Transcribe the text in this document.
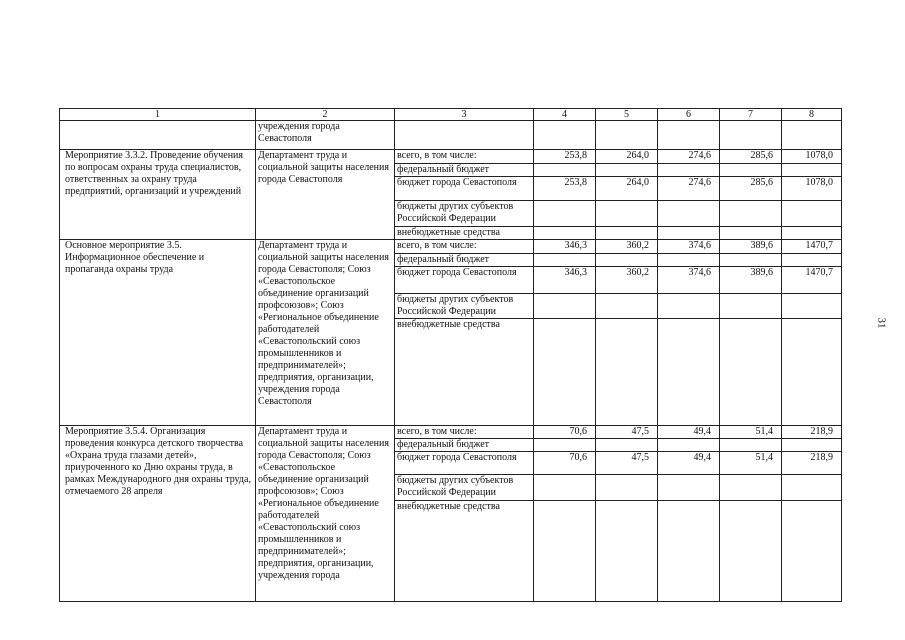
1	2	3	4	5	6	7	8
	учреждения города Севастополя						
Мероприятие 3.3.2. Проведение обучения по вопросам охраны труда специалистов, ответственных за охрану труда предприятий, организаций и учреждений	Департамент труда и социальной защиты населения города Севастополя	всего, в том числе:	253,8	264,0	274,6	285,6	1078,0
		федеральный бюджет					
		бюджет города Севастополя	253,8	264,0	274,6	285,6	1078,0
		бюджеты других субъектов Российской Федерации					
		внебюджетные средства					
Основное мероприятие 3.5. Информационное обеспечение и пропаганда охраны труда	Департамент труда и социальной защиты населения города Севастополя; Союз «Севастопольское объединение организаций профсоюзов»; Союз «Региональное объединение работодателей «Севастопольский союз промышленников и предпринимателей»; предприятия, организации, учреждения города Севастополя	всего, в том числе:	346,3	360,2	374,6	389,6	1470,7
		федеральный бюджет					
		бюджет города Севастополя	346,3	360,2	374,6	389,6	1470,7
		бюджеты других субъектов Российской Федерации					
		внебюджетные средства					
Мероприятие 3.5.4. Организация проведения конкурса детского творчества «Охрана труда глазами детей», приуроченного ко Дню охраны труда, в рамках Международного дня охраны труда, отмечаемого 28 апреля	Департамент труда и социальной защиты населения города Севастополя; Союз «Севастопольское объединение организаций профсоюзов»; Союз «Региональное объединение работодателей «Севастопольский союз промышленников и предпринимателей»; предприятия, организации, учреждения города	всего, в том числе:	70,6	47,5	49,4	51,4	218,9
		федеральный бюджет					
		бюджет города Севастополя	70,6	47,5	49,4	51,4	218,9
		бюджеты других субъектов Российской Федерации					
		внебюджетные средства					
31
